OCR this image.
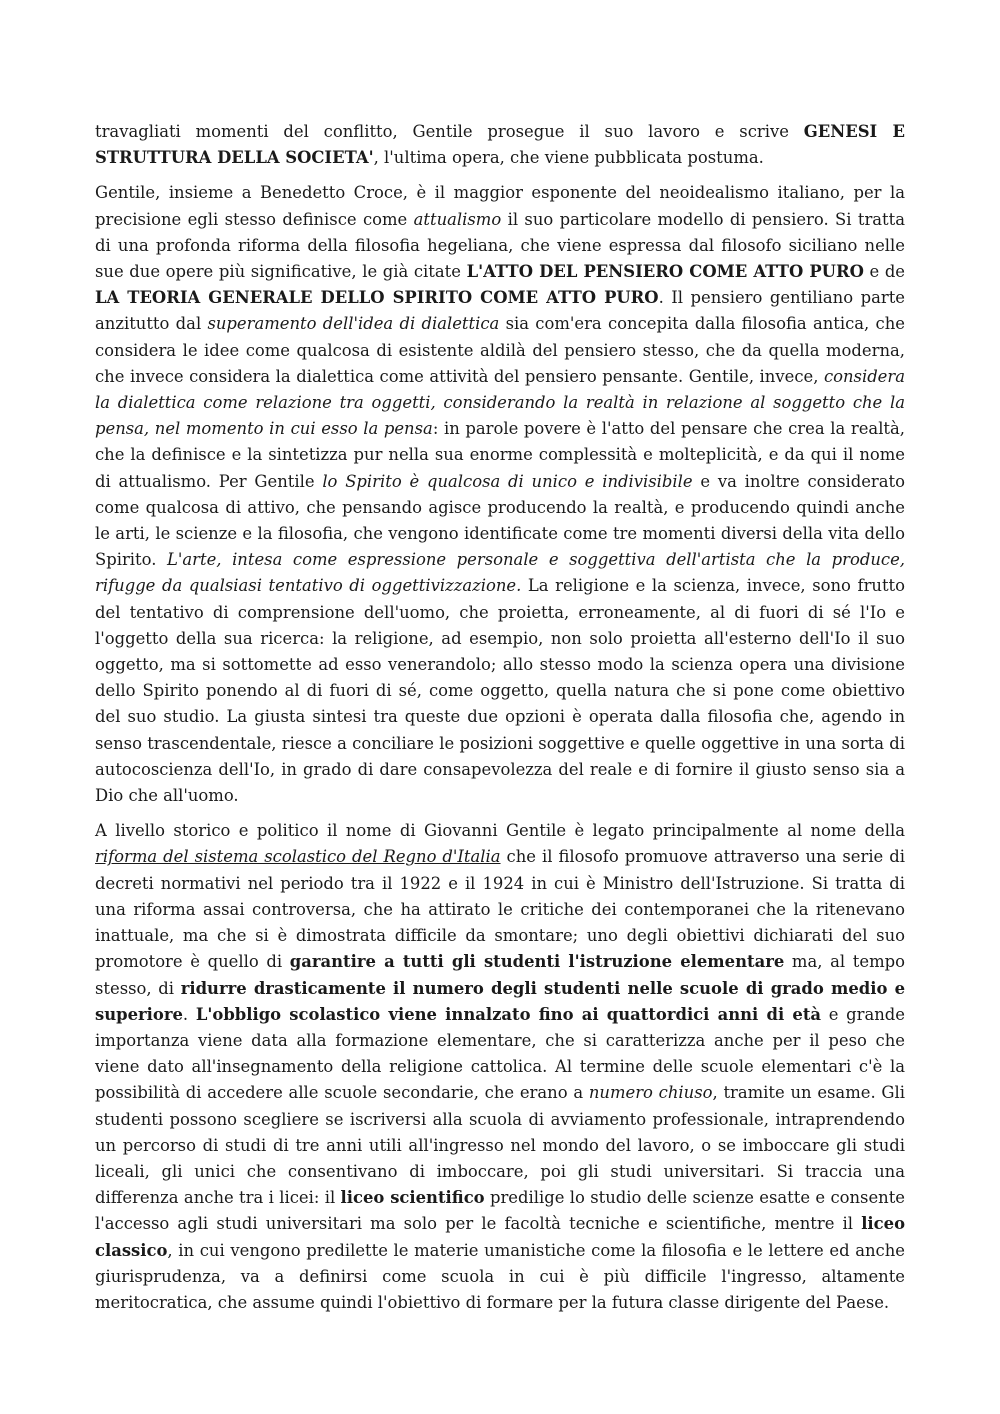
travagliati momenti del conflitto, Gentile prosegue il suo lavoro e scrive GENESI E STRUTTURA DELLA SOCIETA', l'ultima opera, che viene pubblicata postuma.

Gentile, insieme a Benedetto Croce, è il maggior esponente del neoidealismo italiano, per la precisione egli stesso definisce come attualismo il suo particolare modello di pensiero. Si tratta di una profonda riforma della filosofia hegeliana, che viene espressa dal filosofo siciliano nelle sue due opere più significative, le già citate L'ATTO DEL PENSIERO COME ATTO PURO e de LA TEORIA GENERALE DELLO SPIRITO COME ATTO PURO. Il pensiero gentiliano parte anzitutto dal superamento dell'idea di dialettica sia com'era concepita dalla filosofia antica, che considera le idee come qualcosa di esistente aldilà del pensiero stesso, che da quella moderna, che invece considera la dialettica come attività del pensiero pensante. Gentile, invece, considera la dialettica come relazione tra oggetti, considerando la realtà in relazione al soggetto che la pensa, nel momento in cui esso la pensa: in parole povere è l'atto del pensare che crea la realtà, che la definisce e la sintetizza pur nella sua enorme complessità e molteplicità, e da qui il nome di attualismo. Per Gentile lo Spirito è qualcosa di unico e indivisibile e va inoltre considerato come qualcosa di attivo, che pensando agisce producendo la realtà, e producendo quindi anche le arti, le scienze e la filosofia, che vengono identificate come tre momenti diversi della vita dello Spirito. L'arte, intesa come espressione personale e soggettiva dell'artista che la produce, rifugge da qualsiasi tentativo di oggettivizzazione. La religione e la scienza, invece, sono frutto del tentativo di comprensione dell'uomo, che proietta, erroneamente, al di fuori di sé l'Io e l'oggetto della sua ricerca: la religione, ad esempio, non solo proietta all'esterno dell'Io il suo oggetto, ma si sottomette ad esso venerandolo; allo stesso modo la scienza opera una divisione dello Spirito ponendo al di fuori di sé, come oggetto, quella natura che si pone come obiettivo del suo studio. La giusta sintesi tra queste due opzioni è operata dalla filosofia che, agendo in senso trascendentale, riesce a conciliare le posizioni soggettive e quelle oggettive in una sorta di autocoscienza dell'Io, in grado di dare consapevolezza del reale e di fornire il giusto senso sia a Dio che all'uomo.

A livello storico e politico il nome di Giovanni Gentile è legato principalmente al nome della riforma del sistema scolastico del Regno d'Italia che il filosofo promuove attraverso una serie di decreti normativi nel periodo tra il 1922 e il 1924 in cui è Ministro dell'Istruzione. Si tratta di una riforma assai controversa, che ha attirato le critiche dei contemporanei che la ritenevano inattuale, ma che si è dimostrata difficile da smontare; uno degli obiettivi dichiarati del suo promotore è quello di garantire a tutti gli studenti l'istruzione elementare ma, al tempo stesso, di ridurre drasticamente il numero degli studenti nelle scuole di grado medio e superiore. L'obbligo scolastico viene innalzato fino ai quattordici anni di età e grande importanza viene data alla formazione elementare, che si caratterizza anche per il peso che viene dato all'insegnamento della religione cattolica. Al termine delle scuole elementari c'è la possibilità di accedere alle scuole secondarie, che erano a numero chiuso, tramite un esame. Gli studenti possono scegliere se iscriversi alla scuola di avviamento professionale, intraprendendo un percorso di studi di tre anni utili all'ingresso nel mondo del lavoro, o se imboccare gli studi liceali, gli unici che consentivano di imboccare, poi gli studi universitari. Si traccia una differenza anche tra i licei: il liceo scientifico predilige lo studio delle scienze esatte e consente l'accesso agli studi universitari ma solo per le facoltà tecniche e scientifiche, mentre il liceo classico, in cui vengono predilette le materie umanistiche come la filosofia e le lettere ed anche giurisprudenza, va a definirsi come scuola in cui è più difficile l'ingresso, altamente meritocratica, che assume quindi l'obiettivo di formare per la futura classe dirigente del Paese.
